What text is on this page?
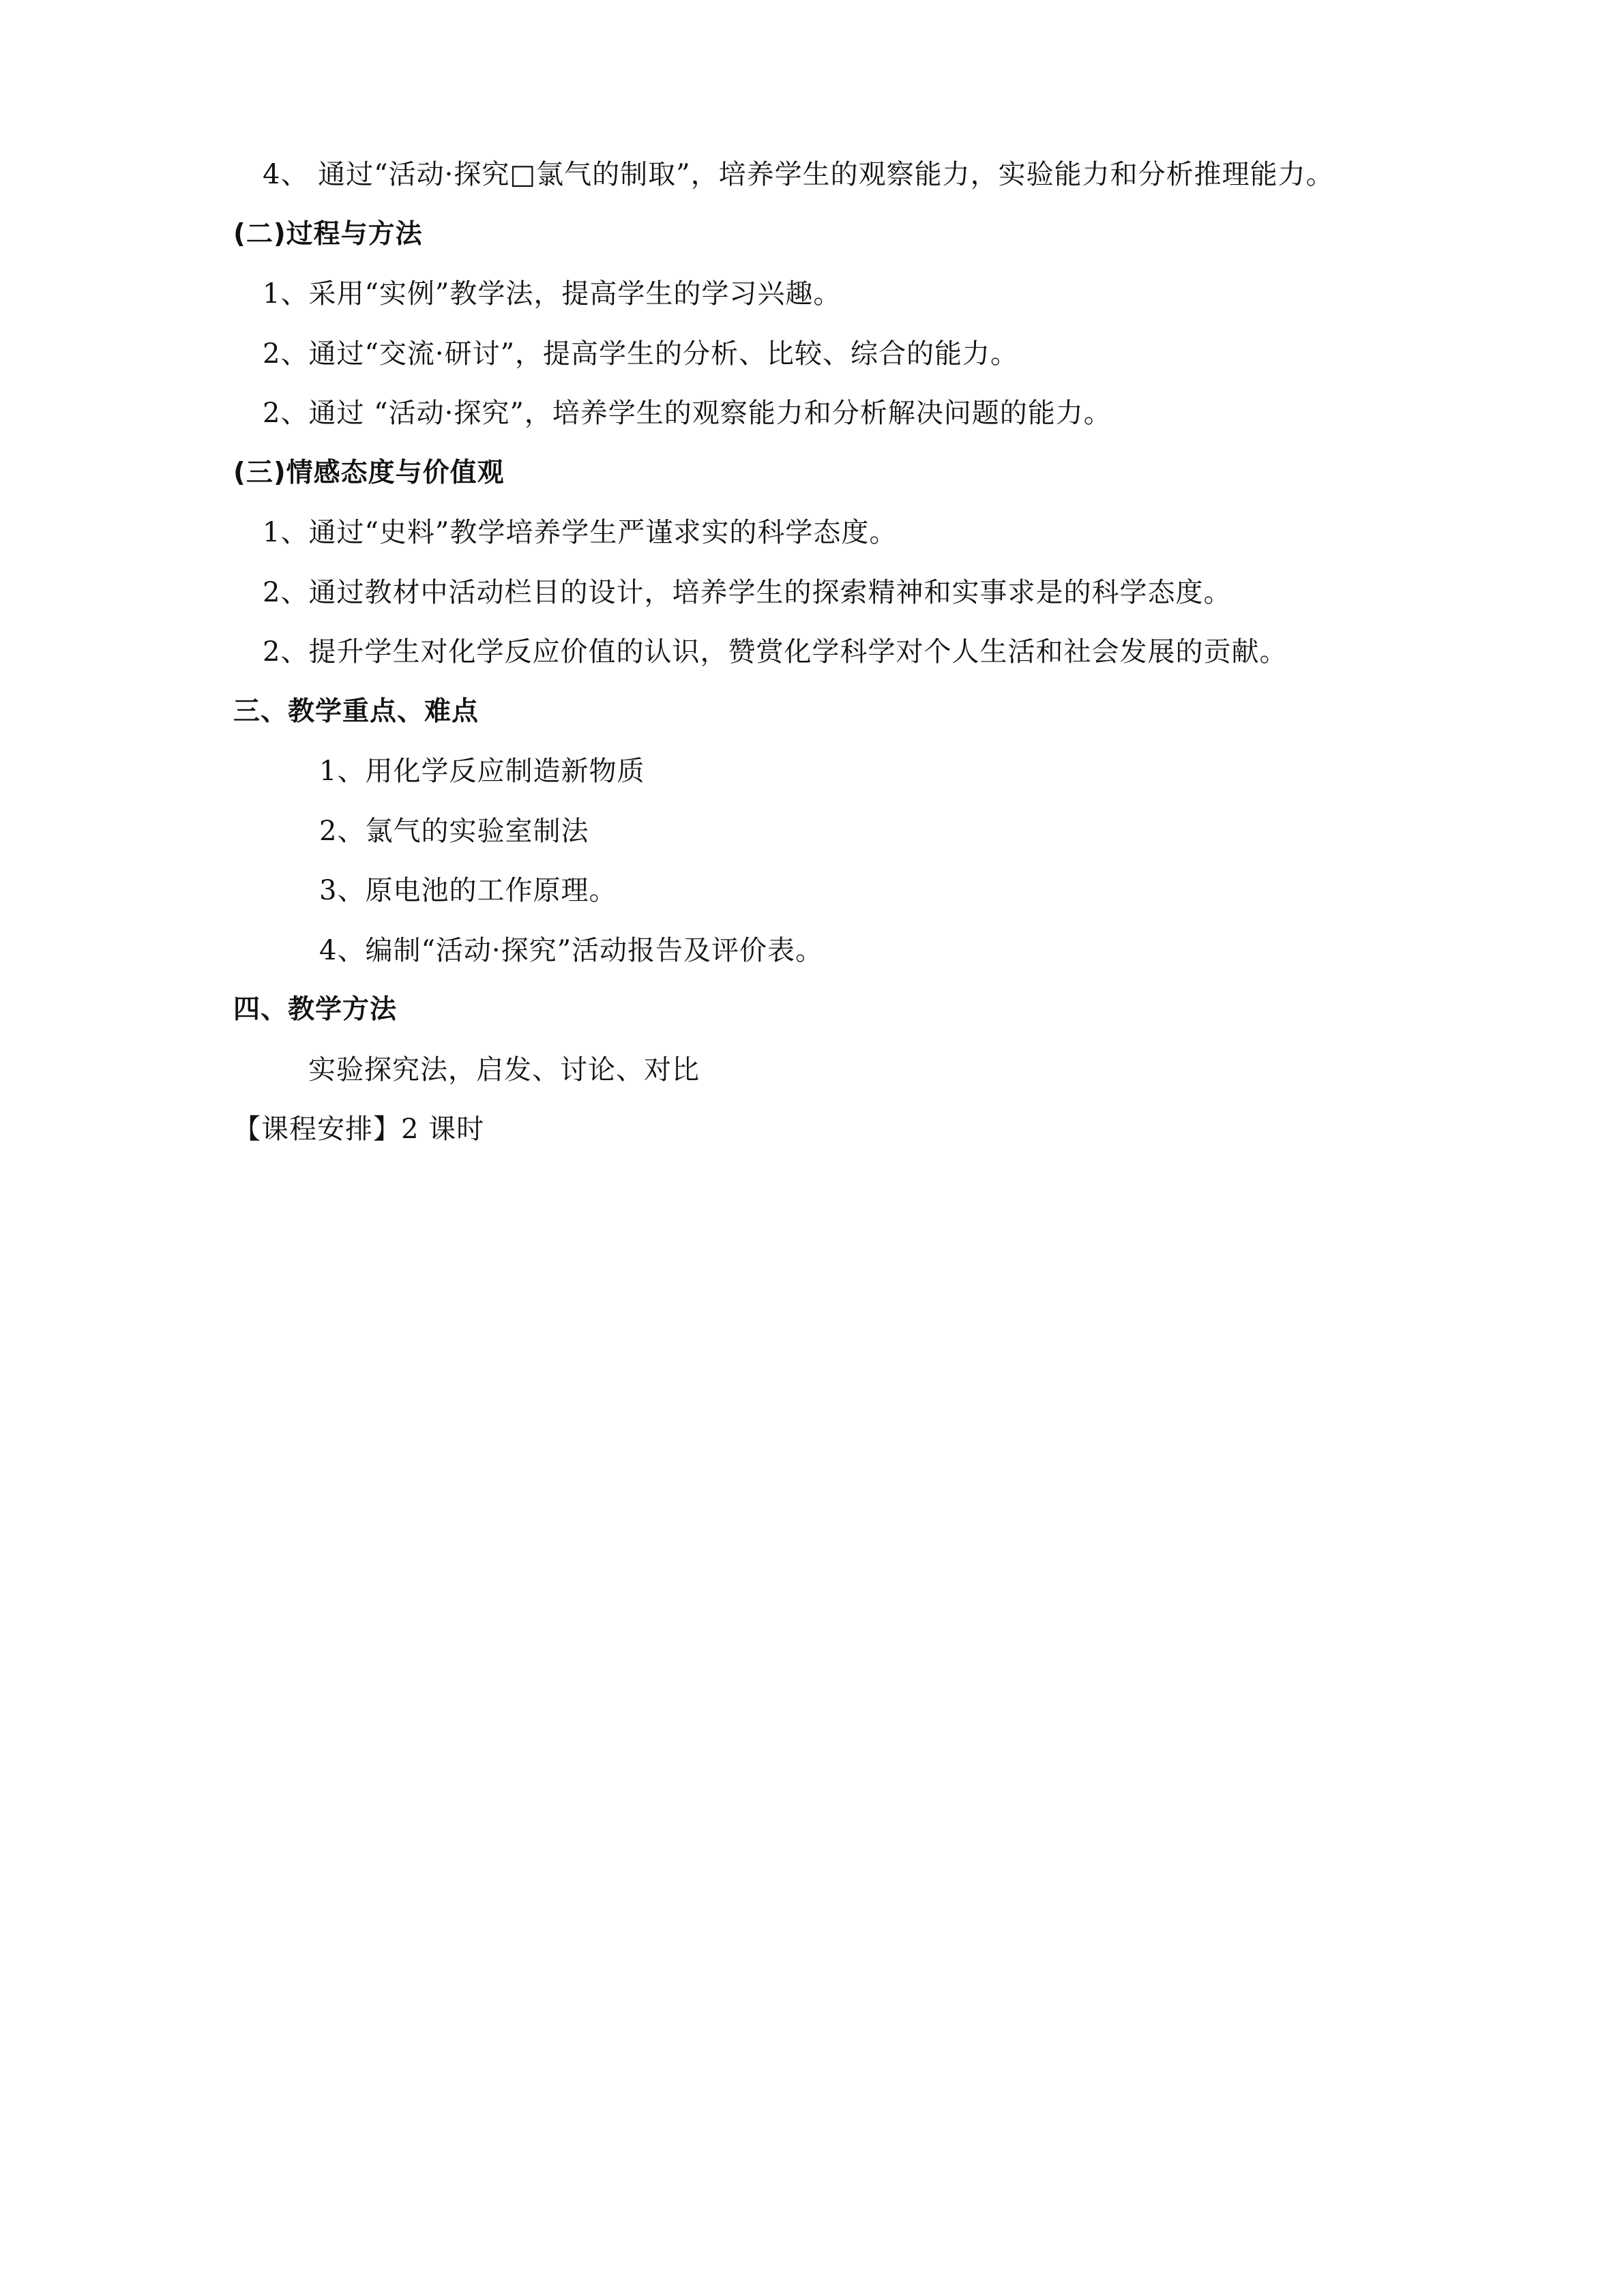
4、 通过“活动·探究□氯气的制取”，培养学生的观察能力，实验能力和分析推理能力。
(二)过程与方法
1、采用“实例”教学法，提高学生的学习兴趣。
2、通过“交流·研讨”，提高学生的分析、比较、综合的能力。
2、通过 “活动·探究”，培养学生的观察能力和分析解决问题的能力。
(三)情感态度与价值观
1、通过“史料”教学培养学生严谨求实的科学态度。
2、通过教材中活动栏目的设计，培养学生的探索精神和实事求是的科学态度。
2、提升学生对化学反应价值的认识，赞赏化学科学对个人生活和社会发展的贡献。
三、教学重点、难点
1、用化学反应制造新物质
2、氯气的实验室制法
3、原电池的工作原理。
4、编制“活动·探究”活动报告及评价表。
四、教学方法
实验探究法，启发、讨论、对比
【课程安排】2 课时
